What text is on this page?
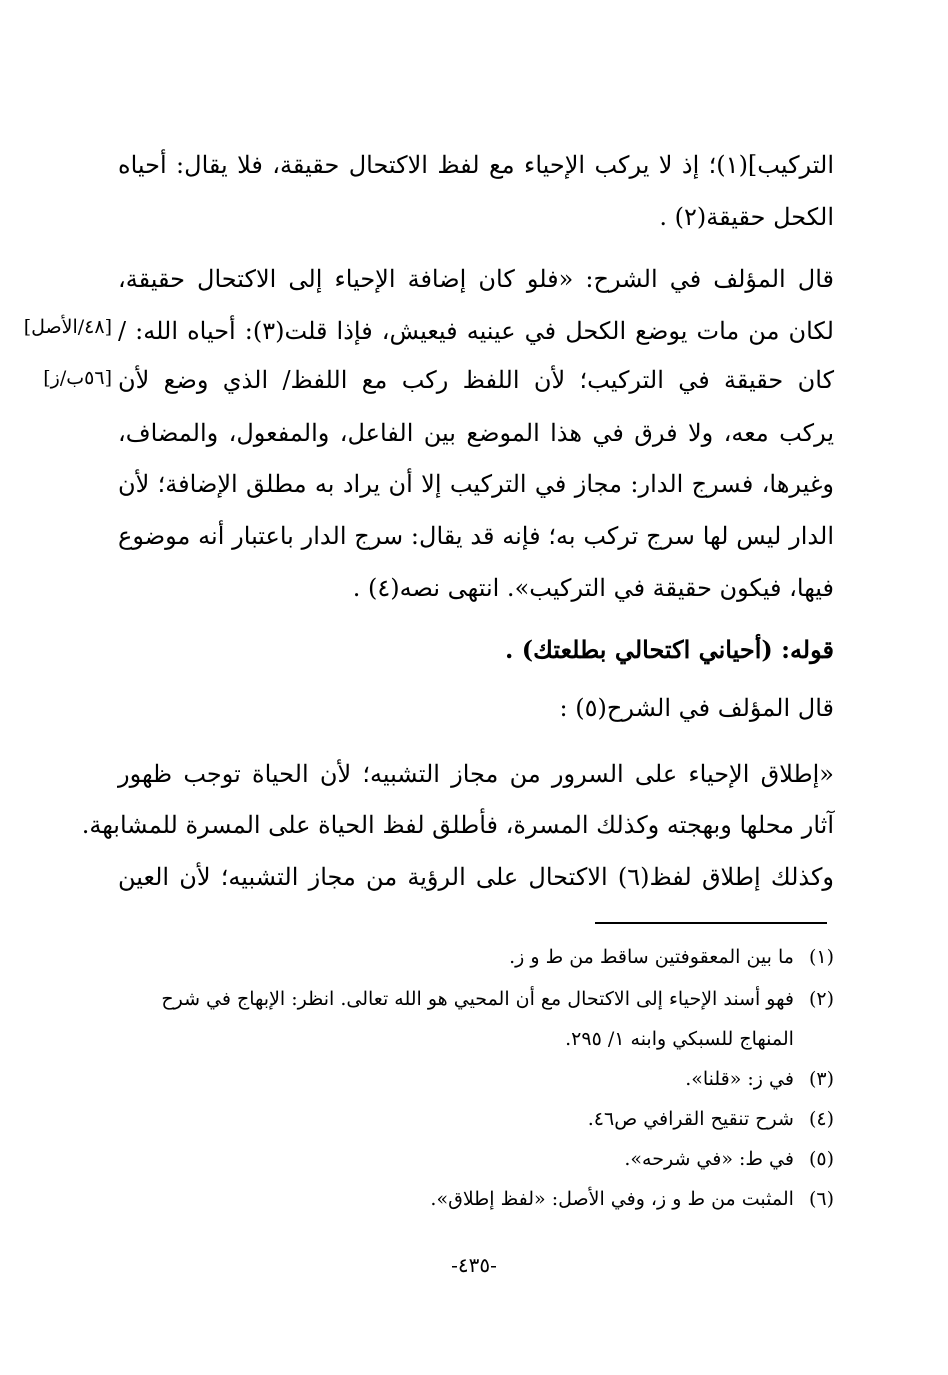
التركيب](١)؛ إذ لا يركب الإحياء مع لفظ الاكتحال حقيقة، فلا يقال: أحياه
الكحل حقيقة(٢) .
قال المؤلف في الشرح: «فلو كان إضافة الإحياء إلى الاكتحال حقيقة،
لكان من مات يوضع الكحل في عينيه فيعيش، فإذا قلت(٣): أحياه الله: /
كان حقيقة في التركيب؛ لأن اللفظ ركب مع اللفظ/ الذي وضع لأن
يركب معه، ولا فرق في هذا الموضع بين الفاعل، والمفعول، والمضاف،
وغيرها، فسرج الدار: مجاز في التركيب إلا أن يراد به مطلق الإضافة؛ لأن
الدار ليس لها سرج تركب به؛ فإنه قد يقال: سرج الدار باعتبار أنه موضوع
فيها، فيكون حقيقة في التركيب». انتهى نصه(٤) .
قوله: (أحياني اكتحالي بطلعتك) .
قال المؤلف في الشرح(٥) :
«إطلاق الإحياء على السرور من مجاز التشبيه؛ لأن الحياة توجب ظهور
آثار محلها وبهجته وكذلك المسرة، فأطلق لفظ الحياة على المسرة للمشابهة.
وكذلك إطلاق لفظ(٦) الاكتحال على الرؤية من مجاز التشبيه؛ لأن العين
[٤٨/الأصل]
[٥٦ب/ز]
(١) ما بين المعقوفتين ساقط من ط و ز.
(٢) فهو أسند الإحياء إلى الاكتحال مع أن المحيي هو الله تعالى. انظر: الإبهاج في شرح
المنهاج للسبكي وابنه ١/ ٢٩٥.
(٣) في ز: «قلنا».
(٤) شرح تنقيح القرافي ص٤٦.
(٥) في ط: «في شرحه».
(٦) المثبت من ط و ز، وفي الأصل: «لفظ إطلاق».
-٤٣٥-
